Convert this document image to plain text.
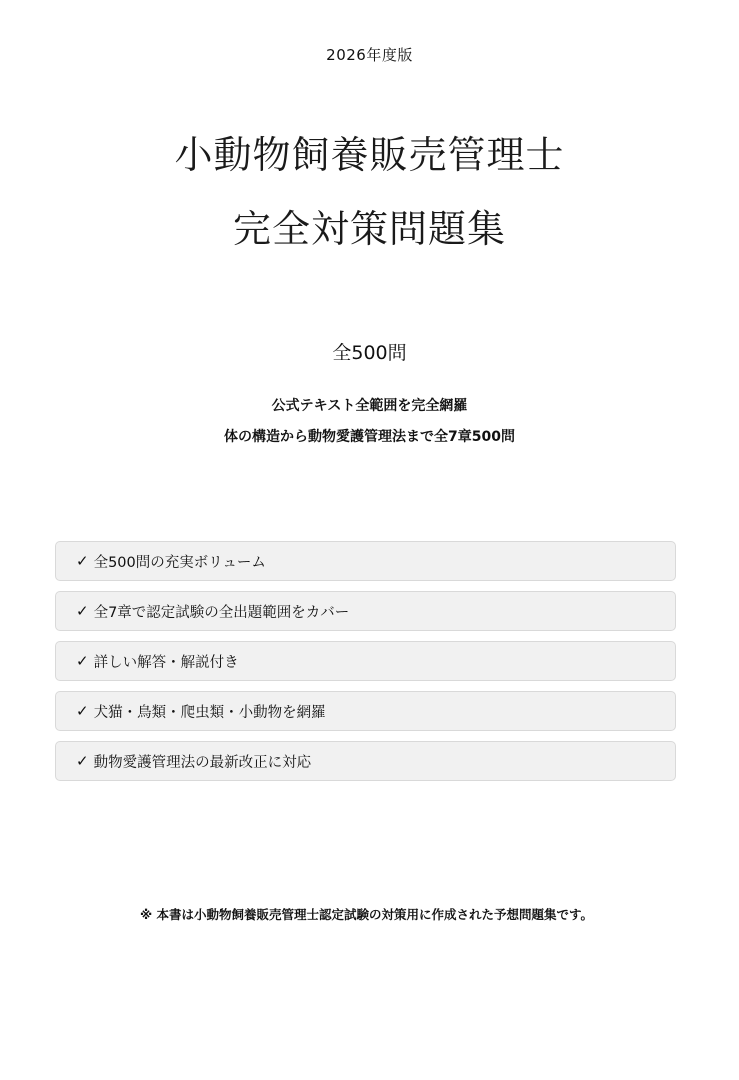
2026年度版
小動物飼養販売管理士
完全対策問題集
全500問
公式テキスト全範囲を完全網羅
体の構造から動物愛護管理法まで全7章500問
✓ 全500問の充実ボリューム
✓ 全7章で認定試験の全出題範囲をカバー
✓ 詳しい解答・解説付き
✓ 犬猫・鳥類・爬虫類・小動物を網羅
✓ 動物愛護管理法の最新改正に対応
※ 本書は小動物飼養販売管理士認定試験の対策用に作成された予想問題集です。
